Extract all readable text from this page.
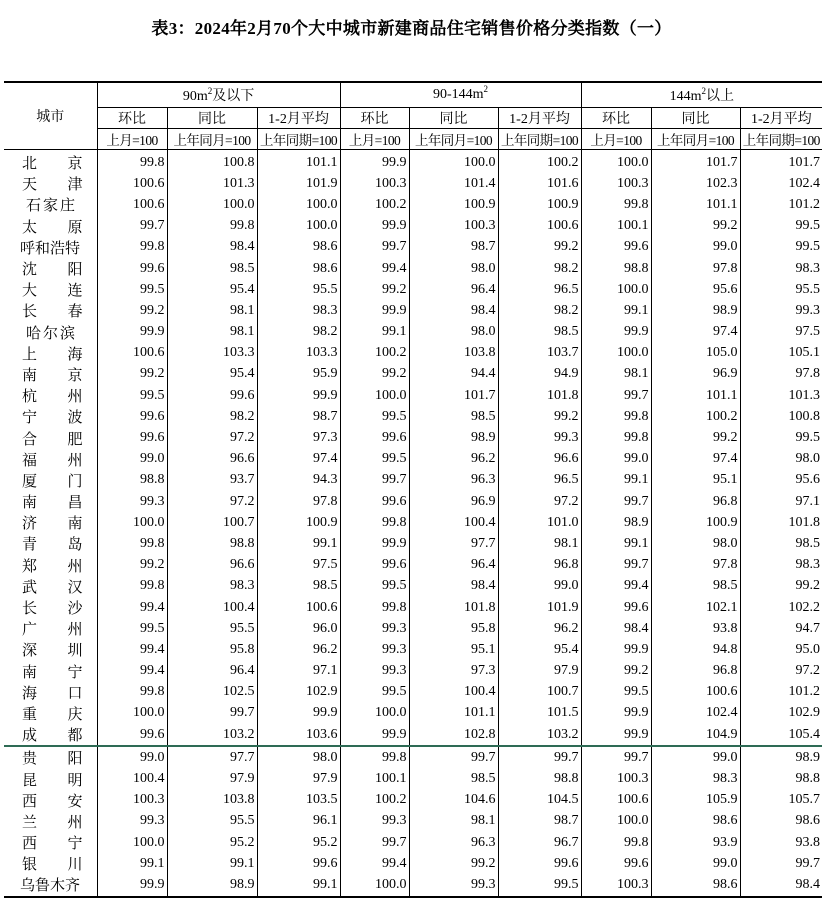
表3：2024年2月70个大中城市新建商品住宅销售价格分类指数（一）
城市	$90m^2$及以下			$90-144m^2$			$144m^2$以上		
	环比	同比	1-2月平均	环比	同比	1-2月平均	环比	同比	1-2月平均
	上月=100	上年同月=100	上年同期=100	上月=100	上年同月=100	上年同期=100	上月=100	上年同月=100	上年同期=100

北京	99.8	100.8	101.1	99.9	100.0	100.2	100.0	101.7	101.7

天津	100.6	101.3	101.9	100.3	101.4	101.6	100.3	102.3	102.4

石家庄	100.6	100.0	100.0	100.2	100.9	100.9	99.8	101.1	101.2

太原	99.7	99.8	100.0	99.9	100.3	100.6	100.1	99.2	99.5

呼和浩特	99.8	98.4	98.6	99.7	98.7	99.2	99.6	99.0	99.5

沈阳	99.6	98.5	98.6	99.4	98.0	98.2	98.8	97.8	98.3

大连	99.5	95.4	95.5	99.2	96.4	96.5	100.0	95.6	95.5

长春	99.2	98.1	98.3	99.9	98.4	98.2	99.1	98.9	99.3

哈尔滨	99.9	98.1	98.2	99.1	98.0	98.5	99.9	97.4	97.5

上海	100.6	103.3	103.3	100.2	103.8	103.7	100.0	105.0	105.1

南京	99.2	95.4	95.9	99.2	94.4	94.9	98.1	96.9	97.8

杭州	99.5	99.6	99.9	100.0	101.7	101.8	99.7	101.1	101.3

宁波	99.6	98.2	98.7	99.5	98.5	99.2	99.8	100.2	100.8

合肥	99.6	97.2	97.3	99.6	98.9	99.3	99.8	99.2	99.5

福州	99.0	96.6	97.4	99.5	96.2	96.6	99.0	97.4	98.0

厦门	98.8	93.7	94.3	99.7	96.3	96.5	99.1	95.1	95.6

南昌	99.3	97.2	97.8	99.6	96.9	97.2	99.7	96.8	97.1

济南	100.0	100.7	100.9	99.8	100.4	101.0	98.9	100.9	101.8

青岛	99.8	98.8	99.1	99.9	97.7	98.1	99.1	98.0	98.5

郑州	99.2	96.6	97.5	99.6	96.4	96.8	99.7	97.8	98.3

武汉	99.8	98.3	98.5	99.5	98.4	99.0	99.4	98.5	99.2

长沙	99.4	100.4	100.6	99.8	101.8	101.9	99.6	102.1	102.2

广州	99.5	95.5	96.0	99.3	95.8	96.2	98.4	93.8	94.7

深圳	99.4	95.8	96.2	99.3	95.1	95.4	99.9	94.8	95.0

南宁	99.4	96.4	97.1	99.3	97.3	97.9	99.2	96.8	97.2

海口	99.8	102.5	102.9	99.5	100.4	100.7	99.5	100.6	101.2

重庆	100.0	99.7	99.9	100.0	101.1	101.5	99.9	102.4	102.9

成都	99.6	103.2	103.6	99.9	102.8	103.2	99.9	104.9	105.4

贵阳	99.0	97.7	98.0	99.8	99.7	99.7	99.7	99.0	98.9

昆明	100.4	97.9	97.9	100.1	98.5	98.8	100.3	98.3	98.8

西安	100.3	103.8	103.5	100.2	104.6	104.5	100.6	105.9	105.7

兰州	99.3	95.5	96.1	99.3	98.1	98.7	100.0	98.6	98.6

西宁	100.0	95.2	95.2	99.7	96.3	96.7	99.8	93.9	93.8

银川	99.1	99.1	99.6	99.4	99.2	99.6	99.6	99.0	99.7

乌鲁木齐	99.9	98.9	99.1	100.0	99.3	99.5	100.3	98.6	98.4
